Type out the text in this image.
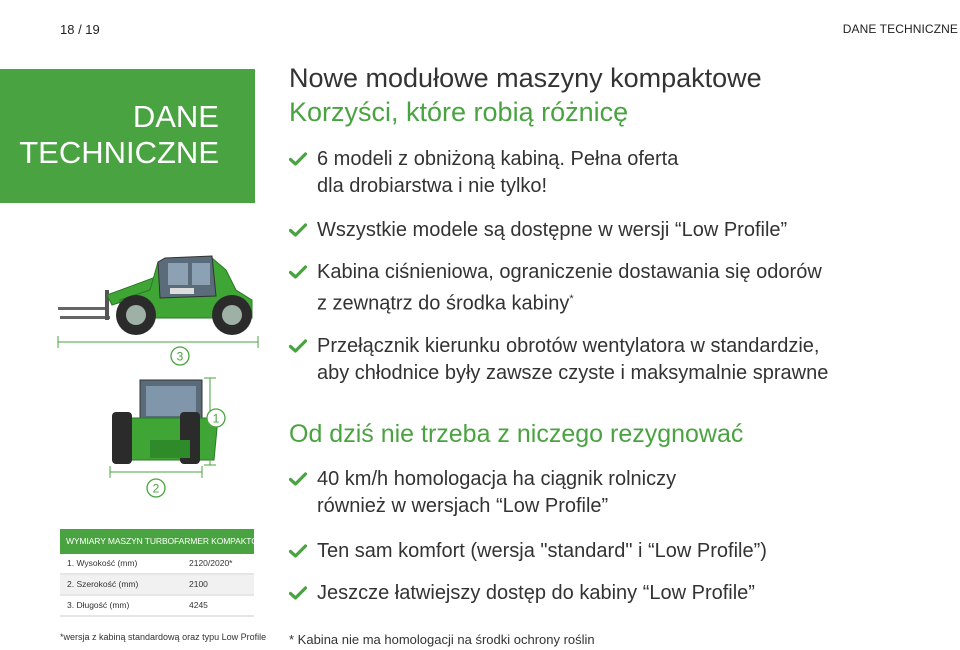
18 / 19	DANE TECHNICZNE
DANE
TECHNICZNE
3
1
2
WYMIARY MASZYN TURBOFARMER KOMPAKTOWYCH
1. Wysokość (mm)	2120/2020*
2. Szerokość (mm)	2100
3. Długość (mm)	4245
*wersja z kabiną standardową oraz typu Low Profile
Nowe modułowe maszyny kompaktowe
Korzyści, które robią różnicę
6 modeli z obniżoną kabiną. Pełna oferta
dla drobiarstwa i nie tylko!
Wszystkie modele są dostępne w wersji “Low Profile”
Kabina ciśnieniowa, ograniczenie dostawania się odorów
z zewnątrz do środka kabiny*
Przełącznik kierunku obrotów wentylatora w standardzie,
aby chłodnice były zawsze czyste i maksymalnie sprawne
Od dziś nie trzeba z niczego rezygnować
40 km/h homologacja ha ciągnik rolniczy
również w wersjach “Low Profile”
Ten sam komfort (wersja "standard" i “Low Profile”)
Jeszcze łatwiejszy dostęp do kabiny “Low Profile”
* Kabina nie ma homologacji na środki ochrony roślin
